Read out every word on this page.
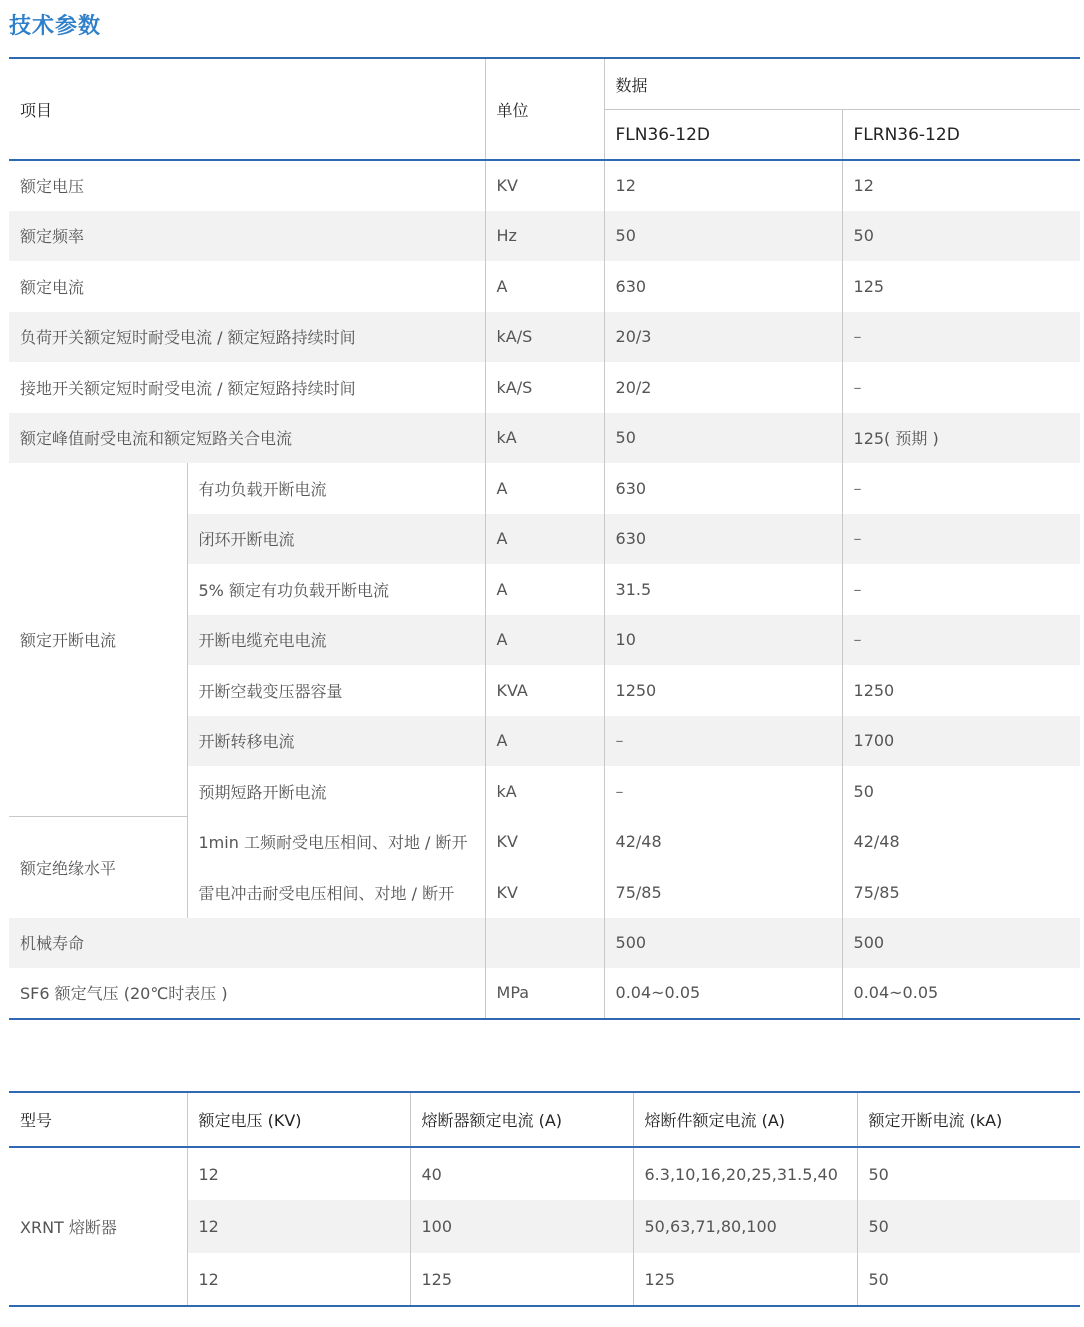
技术参数
项目		单位	数据	
			FLN36-12D	FLRN36-12D
额定电压		KV	12	12
额定频率		Hz	50	50
额定电流		A	630	125
负荷开关额定短时耐受电流 / 额定短路持续时间		kA/S	20/3	–
接地开关额定短时耐受电流 / 额定短路持续时间		kA/S	20/2	–
额定峰值耐受电流和额定短路关合电流		kA	50	125( 预期 )
额定开断电流	有功负载开断电流	A	630	–
	闭环开断电流	A	630	–
	5% 额定有功负载开断电流	A	31.5	–
	开断电缆充电电流	A	10	–
	开断空载变压器容量	KVA	1250	1250
	开断转移电流	A	–	1700
	预期短路开断电流	kA	–	50
额定绝缘水平	1min 工频耐受电压相间、对地 / 断开	KV	42/48	42/48
	雷电冲击耐受电压相间、对地 / 断开	KV	75/85	75/85
机械寿命			500	500
SF6 额定气压 (20℃时表压 )		MPa	0.04~0.05	0.04~0.05
型号	额定电压 (KV)	熔断器额定电流 (A)	熔断件额定电流 (A)	额定开断电流 (kA)
XRNT 熔断器	12	40	6.3,10,16,20,25,31.5,40	50
	12	100	50,63,71,80,100	50
	12	125	125	50
